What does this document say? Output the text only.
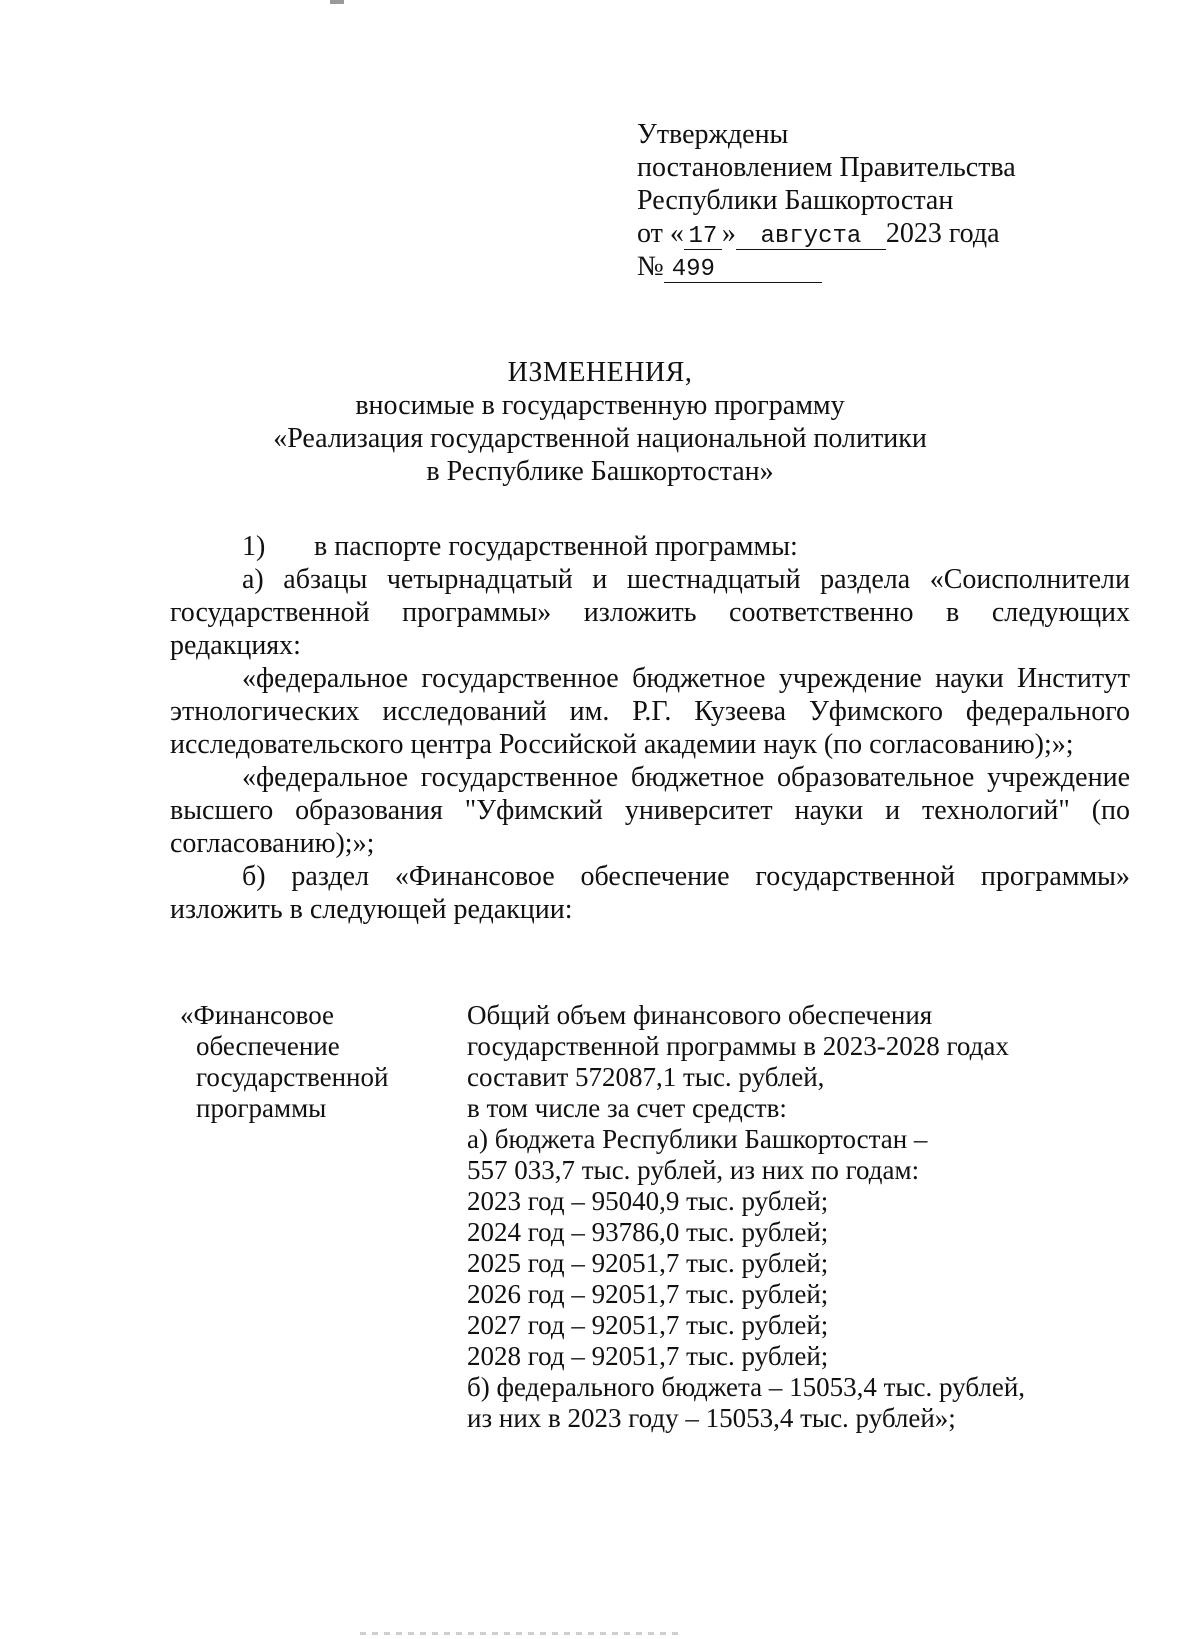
Утверждены
постановлением Правительства
Республики Башкортостан
от « 17 » августа 2023 года
№ 499
ИЗМЕНЕНИЯ,
вносимые в государственную программу
«Реализация государственной национальной политики
в Республике Башкортостан»
1) в паспорте государственной программы:

а) абзацы четырнадцатый и шестнадцатый раздела «Соисполнители государственной программы» изложить соответственно в следующих редакциях:

«федеральное государственное бюджетное учреждение науки Институт этнологических исследований им. Р.Г. Кузеева Уфимского федерального исследовательского центра Российской академии наук (по согласованию);»;

«федеральное государственное бюджетное образовательное учреждение высшего образования "Уфимский университет науки и технологий" (по согласованию);»;

б) раздел «Финансовое обеспечение государственной программы» изложить в следующей редакции:

«Финансовое
обеспечение
государственной
программы
Общий объем финансового обеспечения
государственной программы в 2023-2028 годах
составит 572087,1 тыс. рублей,
в том числе за счет средств:
а) бюджета Республики Башкортостан –
557 033,7 тыс. рублей, из них по годам:
2023 год – 95040,9 тыс. рублей;
2024 год – 93786,0 тыс. рублей;
2025 год – 92051,7 тыс. рублей;
2026 год – 92051,7 тыс. рублей;
2027 год – 92051,7 тыс. рублей;
2028 год – 92051,7 тыс. рублей;
б) федерального бюджета – 15053,4 тыс. рублей,
из них в 2023 году – 15053,4 тыс. рублей»;
